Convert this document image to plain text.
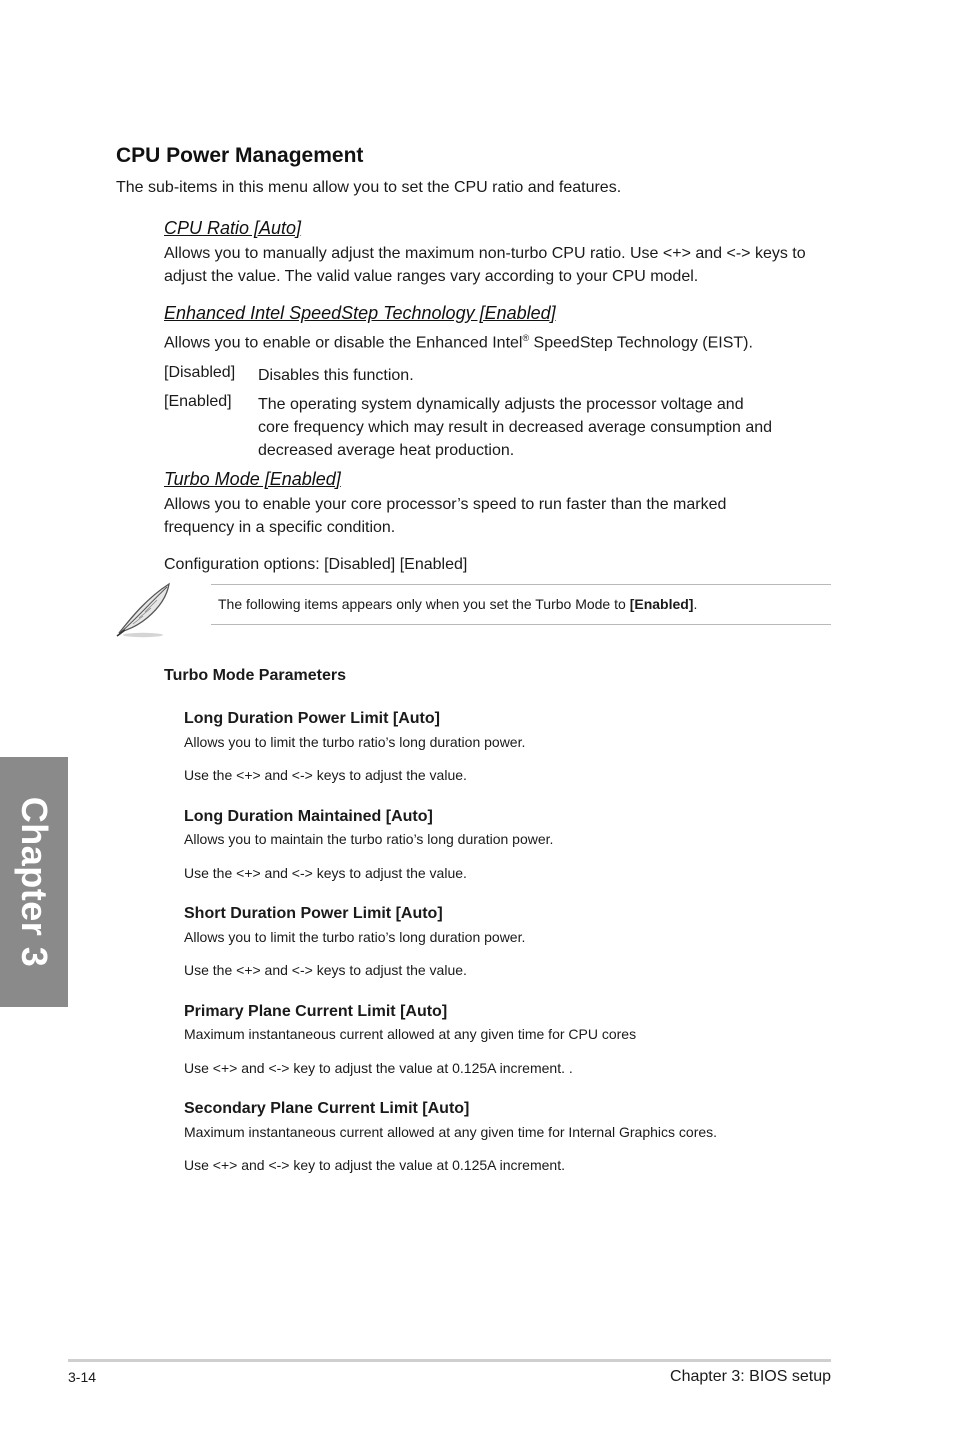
CPU Power Management
The sub-items in this menu allow you to set the CPU ratio and features.
CPU Ratio [Auto]
Allows you to manually adjust the maximum non-turbo CPU ratio. Use <+> and <-> keys to
adjust the value. The valid value ranges vary according to your CPU model.
Enhanced Intel SpeedStep Technology [Enabled]
Allows you to enable or disable the Enhanced Intel® SpeedStep Technology (EIST).
[Disabled] Disables this function.
[Enabled] The operating system dynamically adjusts the processor voltage and
core frequency which may result in decreased average consumption and
decreased average heat production.
Turbo Mode [Enabled]
Allows you to enable your core processor’s speed to run faster than the marked
frequency in a specific condition.
Configuration options: [Disabled] [Enabled]
The following items appears only when you set the Turbo Mode to [Enabled].
Turbo Mode Parameters
Long Duration Power Limit [Auto]
Allows you to limit the turbo ratio’s long duration power.
Use the <+> and <-> keys to adjust the value.
Long Duration Maintained [Auto]
Allows you to maintain the turbo ratio’s long duration power.
Use the <+> and <-> keys to adjust the value.
Short Duration Power Limit [Auto]
Allows you to limit the turbo ratio’s long duration power.
Use the <+> and <-> keys to adjust the value.
Primary Plane Current Limit [Auto]
Maximum instantaneous current allowed at any given time for CPU cores
Use <+> and <-> key to adjust the value at 0.125A increment. .
Secondary Plane Current Limit [Auto]
Maximum instantaneous current allowed at any given time for Internal Graphics cores.
Use <+> and <-> key to adjust the value at 0.125A increment.
Chapter 3
3-14	Chapter 3: BIOS setup
